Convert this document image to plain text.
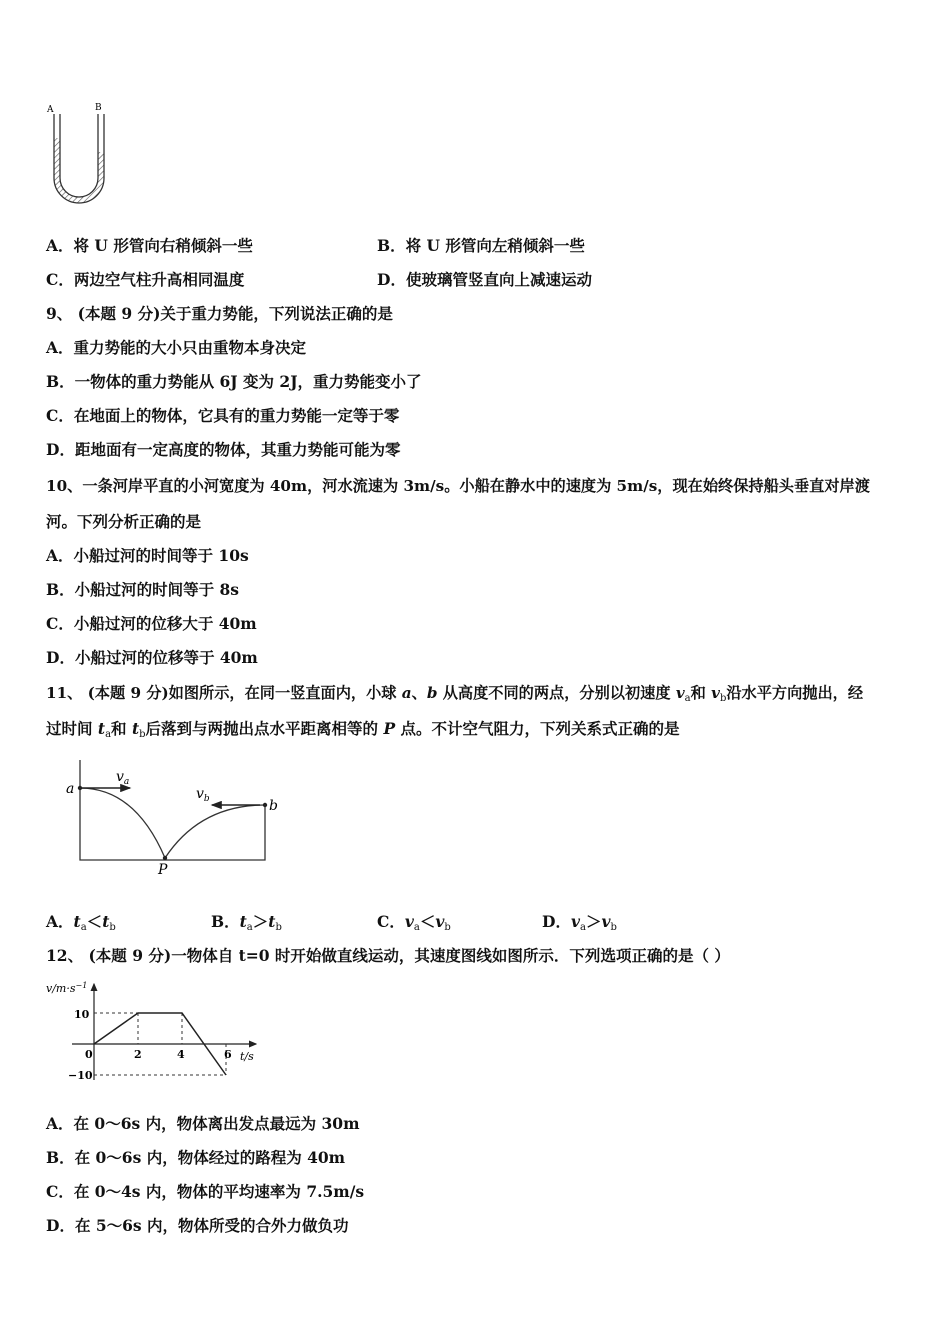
A	B
A．将 U 形管向右稍倾斜一些	B．将 U 形管向左稍倾斜一些
C．两边空气柱升高相同温度	D．使玻璃管竖直向上减速运动
9、 (本题 9 分)关于重力势能，下列说法正确的是
A．重力势能的大小只由重物本身决定
B．一物体的重力势能从 6J 变为 2J，重力势能变小了
C．在地面上的物体，它具有的重力势能一定等于零
D．距地面有一定高度的物体，其重力势能可能为零
10、一条河岸平直的小河宽度为 40m，河水流速为 3m/s。小船在静水中的速度为 5m/s，现在始终保持船头垂直对岸渡
河。下列分析正确的是
A．小船过河的时间等于 10s
B．小船过河的时间等于 8s
C．小船过河的位移大于 40m
D．小船过河的位移等于 40m
11、 (本题 9 分)如图所示，在同一竖直面内，小球 a、b 从高度不同的两点，分别以初速度 $v_a$和 $v_b$沿水平方向抛出，经
过时间 $t_a$和 $t_b$后落到与两抛出点水平距离相等的 P 点。不计空气阻力，下列关系式正确的是
a
b
$v_a$
$v_b$
P
A．$t_a<t_b$	B．$t_a>t_b$	C．$v_a<v_b$	D．$v_a>v_b$
12、 (本题 9 分)一物体自 t=0 时开始做直线运动，其速度图线如图所示．下列选项正确的是（ ）
$v/m\cdot s^{-1}$
t/s
10
−10
0	2	4	6
A．在 0～6s 内，物体离出发点最远为 30m
B．在 0～6s 内，物体经过的路程为 40m
C．在 0～4s 内，物体的平均速率为 7.5m/s
D．在 5～6s 内，物体所受的合外力做负功
